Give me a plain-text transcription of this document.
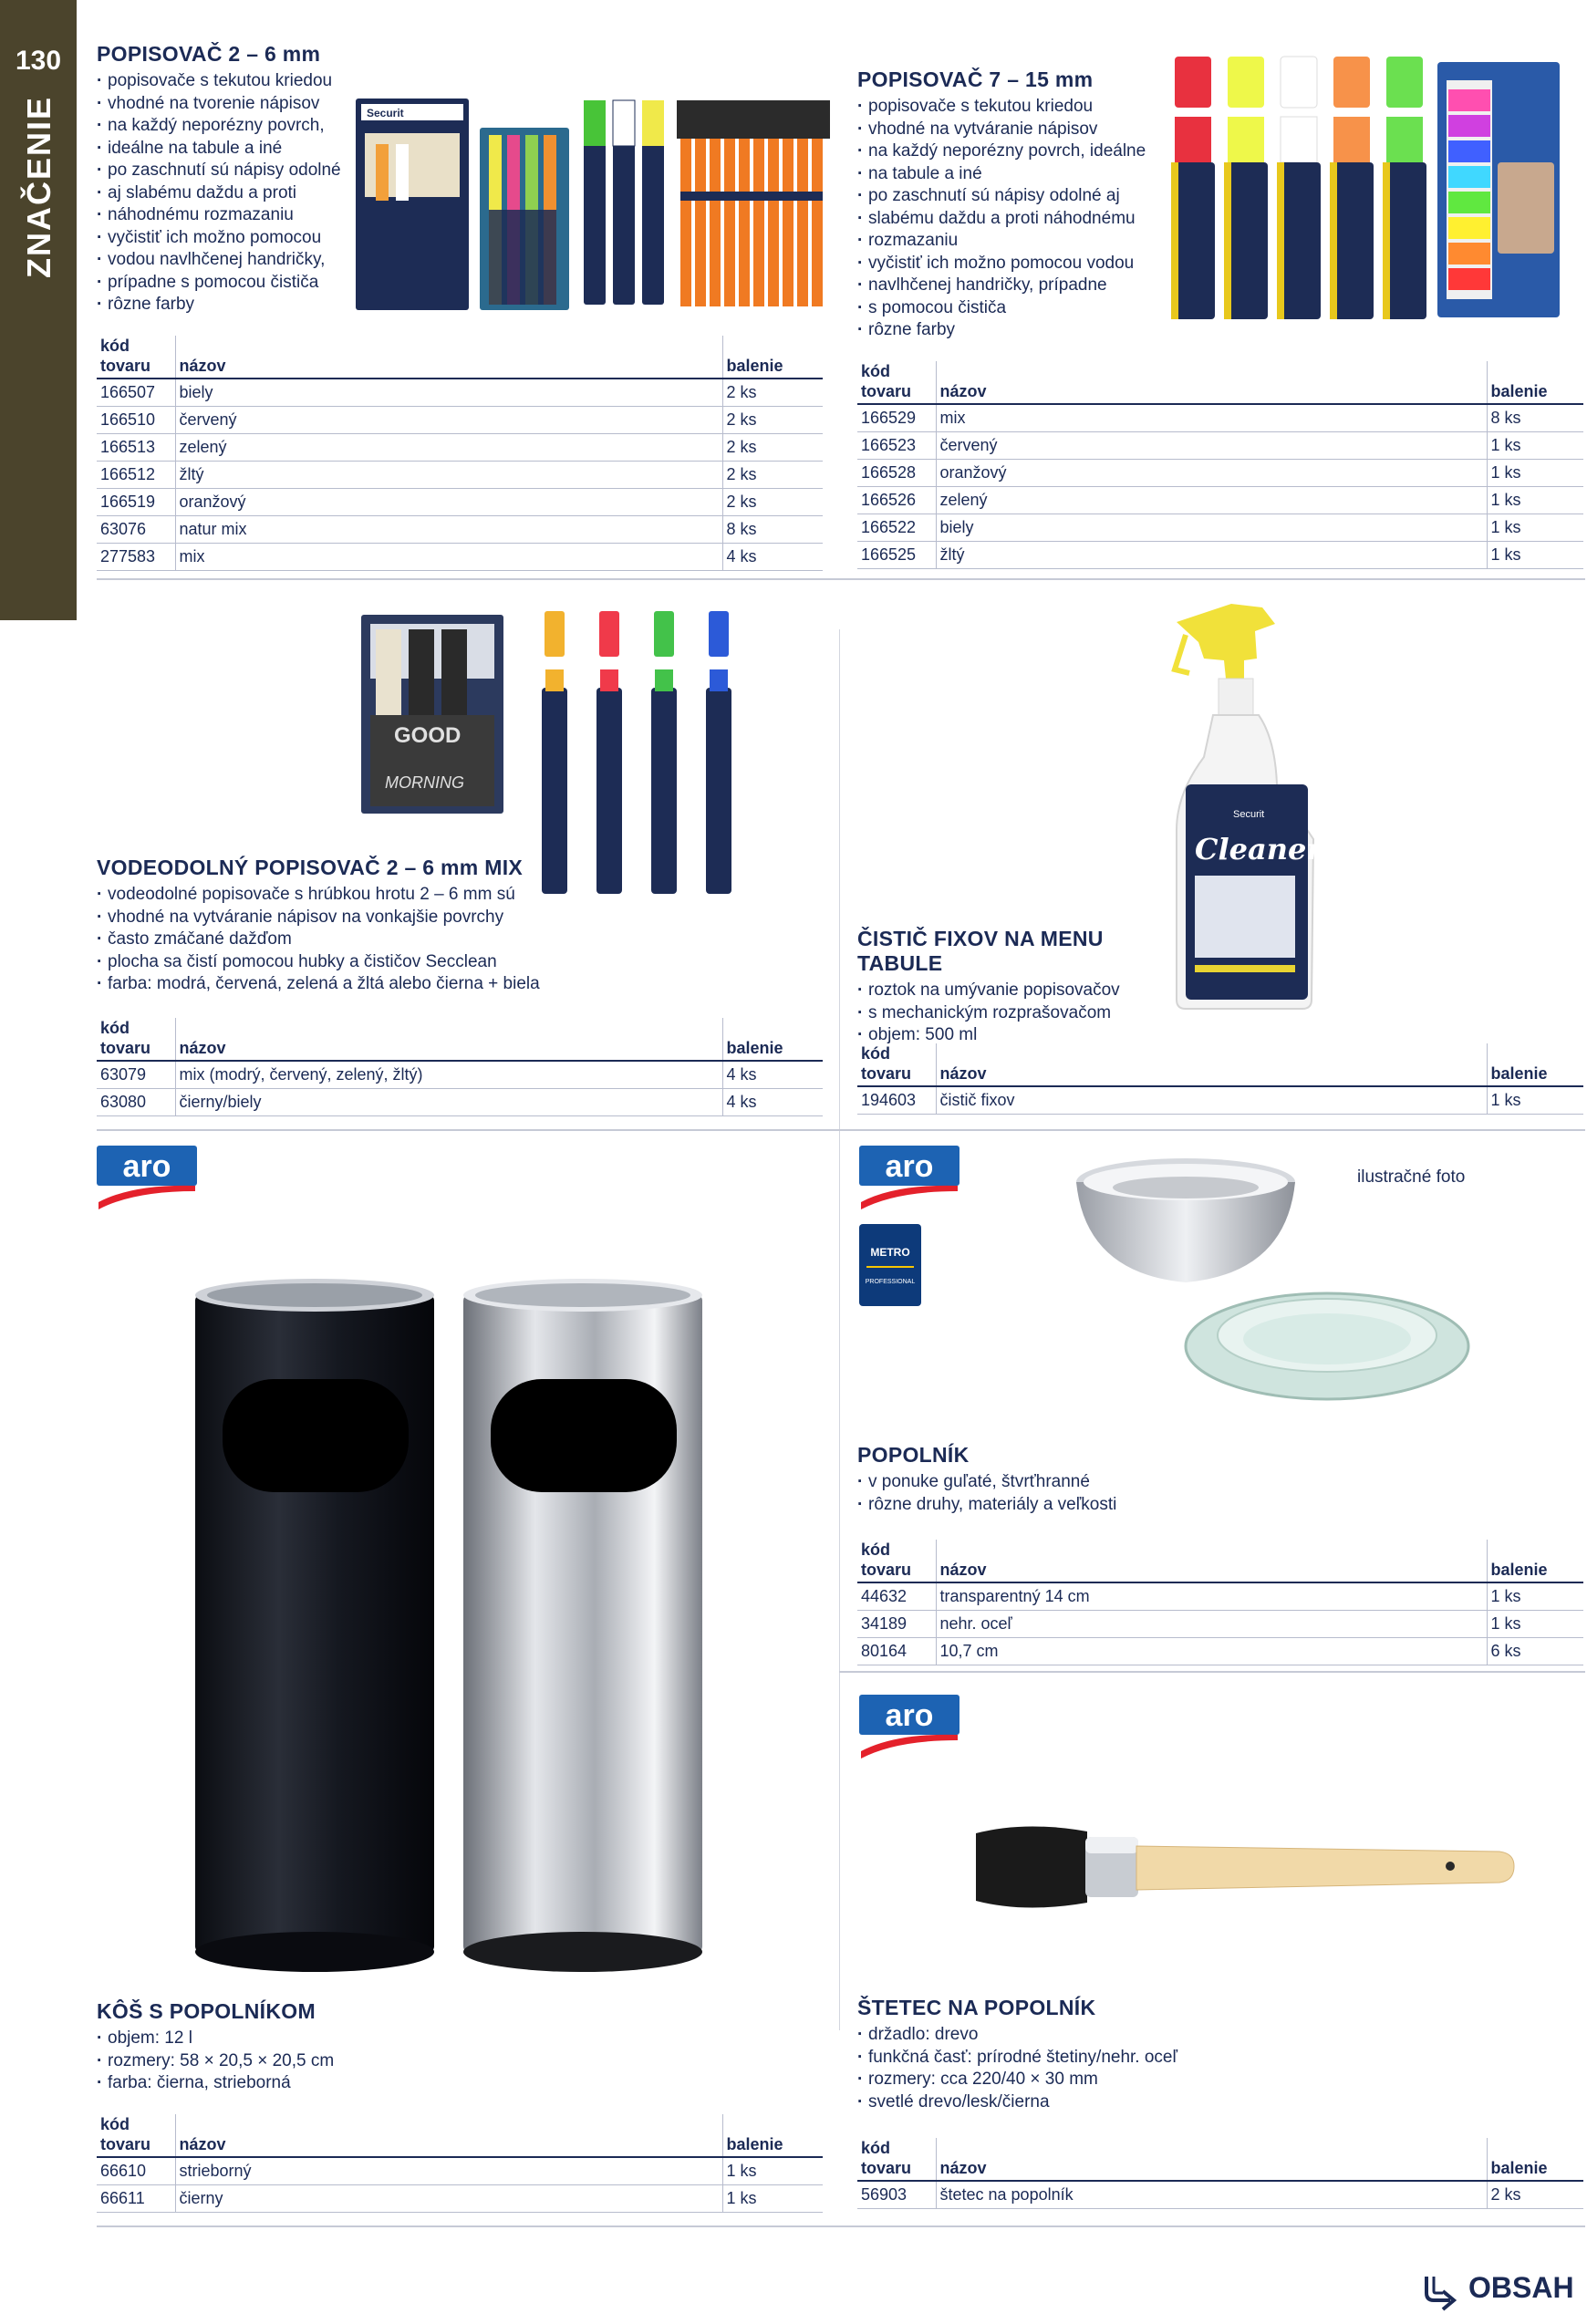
130
ZNAČENIE
POPISOVAČ 2 – 6 mm
· popisovače s tekutou kriedou
· vhodné na tvorenie nápisov
· na každý neporézny povrch,
· ideálne na tabule a iné
· po zaschnutí sú nápisy odolné
· aj slabému daždu a proti
· náhodnému rozmazaniu
· vyčistiť ich možno pomocou
· vodou navlhčenej handričky,
· prípadne s pomocou čističa
· rôzne farby
Securit
kód
tovaru	názov	balenie
166507	biely	2 ks
166510	červený	2 ks
166513	zelený	2 ks
166512	žltý	2 ks
166519	oranžový	2 ks
63076	natur mix	8 ks
277583	mix	4 ks
POPISOVAČ 7 – 15 mm
· popisovače s tekutou kriedou
· vhodné na vytváranie nápisov
· na každý neporézny povrch, ideálne
· na tabule a iné
· po zaschnutí sú nápisy odolné aj
· slabému daždu a proti náhodnému
· rozmazaniu
· vyčistiť ich možno pomocou vodou
· navlhčenej handričky, prípadne
· s pomocou čističa
· rôzne farby
kód
tovaru	názov	balenie
166529	mix	8 ks
166523	červený	1 ks
166528	oranžový	1 ks
166526	zelený	1 ks
166522	biely	1 ks
166525	žltý	1 ks
GOOD
MORNING
VODEODOLNÝ POPISOVAČ 2 – 6 mm MIX
· vodeodolné popisovače s hrúbkou hrotu 2 – 6 mm sú
· vhodné na vytváranie nápisov na vonkajšie povrchy
· často zmáčané dažďom
· plocha sa čistí pomocou hubky a čističov Secclean
· farba: modrá, červená, zelená a žltá alebo čierna + biela
kód
tovaru	názov	balenie
63079	mix (modrý, červený, zelený, žltý)	4 ks
63080	čierny/biely	4 ks
Securit
Cleaner
ČISTIČ FIXOV NA MENU TABULE
· roztok na umývanie popisovačov
· s mechanickým rozprašovačom
· objem: 500 ml
kód
tovaru	názov	balenie
194603	čistič fixov	1 ks
aro	aro
METRO
PROFESSIONAL
ilustračné foto
POPOLNÍK
· v ponuke guľaté, štvrťhranné
· rôzne druhy, materiály a veľkosti
kód
tovaru	názov	balenie
44632	transparentný 14 cm	1 ks
34189	nehr. oceľ	1 ks
80164	10,7 cm	6 ks
aro
ŠTETEC NA POPOLNÍK
· držadlo: drevo
· funkčná časť: prírodné štetiny/nehr. oceľ
· rozmery: cca 220/40 × 30 mm
· svetlé drevo/lesk/čierna
kód
tovaru	názov	balenie
56903	štetec na popolník	2 ks
KÔŠ S POPOLNÍKOM
· objem: 12 l
· rozmery: 58 × 20,5 × 20,5 cm
· farba: čierna, strieborná
kód
tovaru	názov	balenie
66610	strieborný	1 ks
66611	čierny	1 ks
OBSAH
